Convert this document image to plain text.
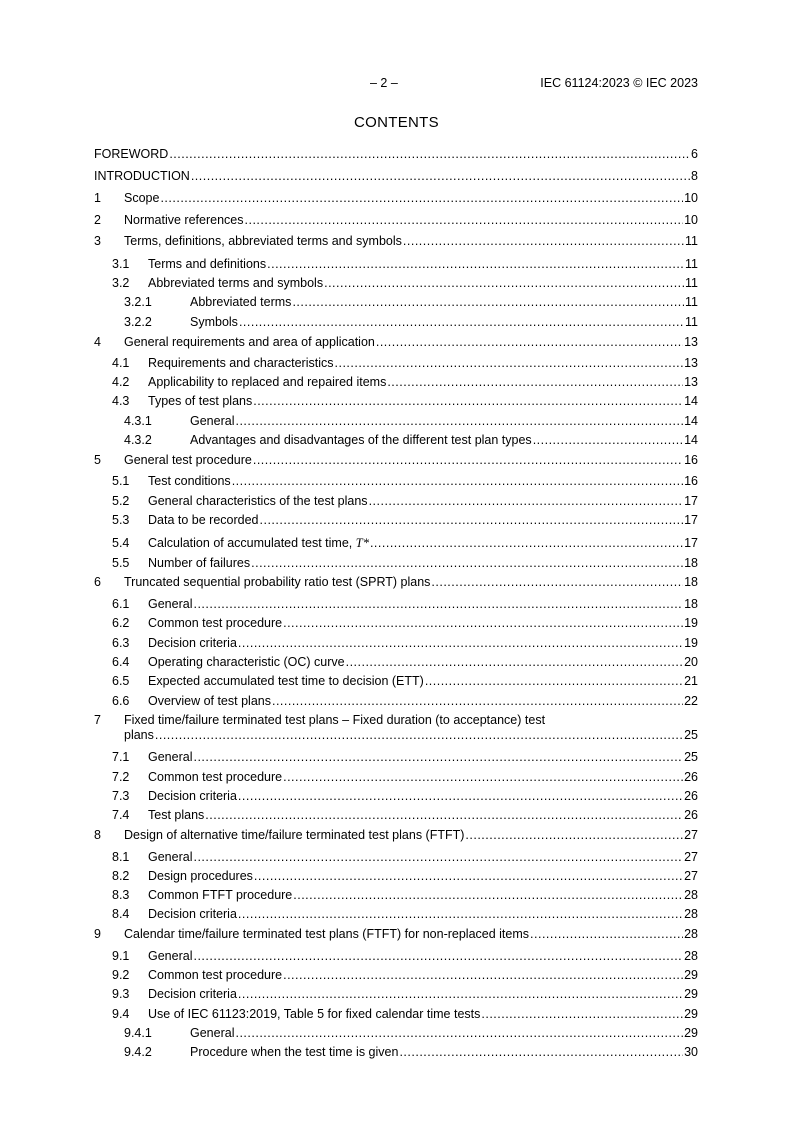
– 2 –	IEC 61124:2023 © IEC 2023
CONTENTS
FOREWORD .....	6
INTRODUCTION .....	8
1	Scope .....	10
2	Normative references .....	10
3	Terms, definitions, abbreviated terms and symbols .....	11
3.1	Terms and definitions .....	11
3.2	Abbreviated terms and symbols .....	11
3.2.1	Abbreviated terms .....	11
3.2.2	Symbols .....	11
4	General requirements and area of application .....	13
4.1	Requirements and characteristics .....	13
4.2	Applicability to replaced and repaired items .....	13
4.3	Types of test plans .....	14
4.3.1	General .....	14
4.3.2	Advantages and disadvantages of the different test plan types .....	14
5	General test procedure .....	16
5.1	Test conditions .....	16
5.2	General characteristics of the test plans .....	17
5.3	Data to be recorded .....	17
5.4	Calculation of accumulated test time, T* .....	17
5.5	Number of failures .....	18
6	Truncated sequential probability ratio test (SPRT) plans .....	18
6.1	General .....	18
6.2	Common test procedure .....	19
6.3	Decision criteria .....	19
6.4	Operating characteristic (OC) curve .....	20
6.5	Expected accumulated test time to decision (ETT) .....	21
6.6	Overview of test plans .....	22
7 Fixed time/failure terminated test plans – Fixed duration (to acceptance) test
plans .....	25
7.1	General .....	25
7.2	Common test procedure .....	26
7.3	Decision criteria .....	26
7.4	Test plans .....	26
8	Design of alternative time/failure terminated test plans (FTFT) .....	27
8.1	General .....	27
8.2	Design procedures .....	27
8.3	Common FTFT procedure .....	28
8.4	Decision criteria .....	28
9	Calendar time/failure terminated test plans (FTFT) for non-replaced items .....	28
9.1	General .....	28
9.2	Common test procedure .....	29
9.3	Decision criteria .....	29
9.4	Use of IEC 61123:2019, Table 5 for fixed calendar time tests .....	29
9.4.1	General .....	29
9.4.2	Procedure when the test time is given .....	30
